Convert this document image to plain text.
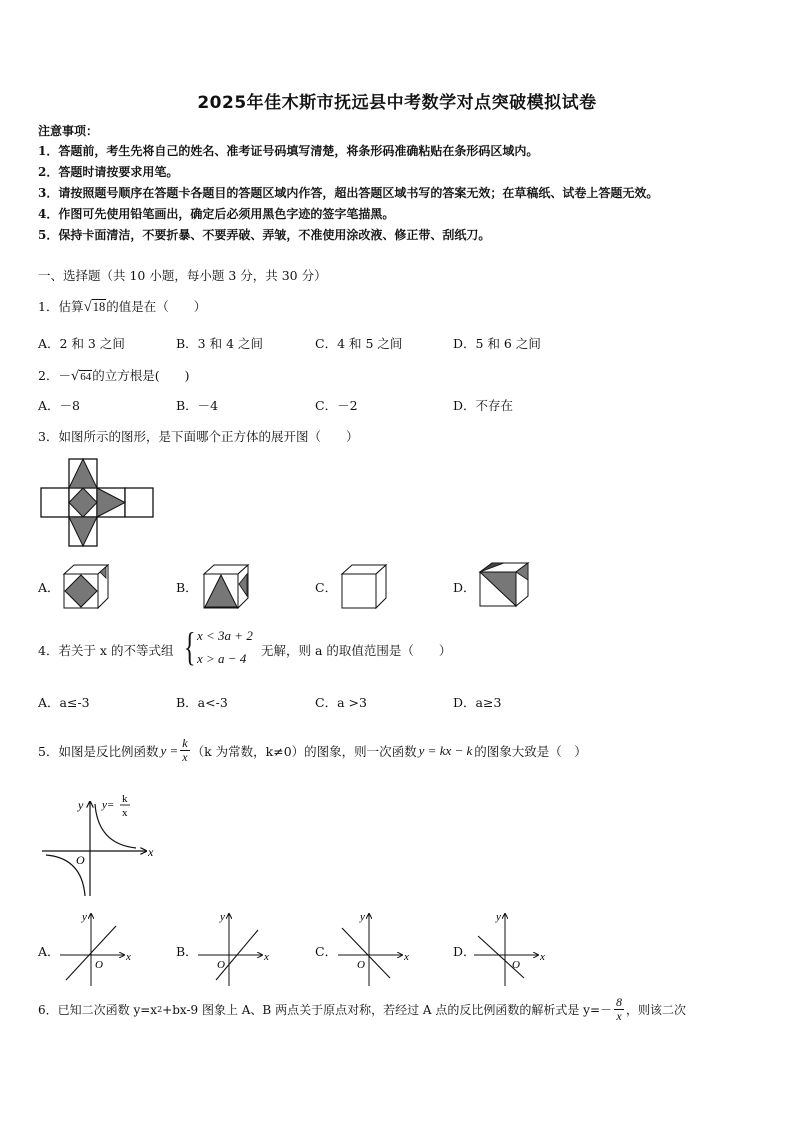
2025年佳木斯市抚远县中考数学对点突破模拟试卷
注意事项：
1．答题前，考生先将自己的姓名、准考证号码填写清楚，将条形码准确粘贴在条形码区域内。
2．答题时请按要求用笔。
3．请按照题号顺序在答题卡各题目的答题区域内作答，超出答题区域书写的答案无效；在草稿纸、试卷上答题无效。
4．作图可先使用铅笔画出，确定后必须用黑色字迹的签字笔描黑。
5．保持卡面清洁，不要折暴、不要弄破、弄皱，不准使用涂改液、修正带、刮纸刀。
一、选择题（共 10 小题，每小题 3 分，共 30 分）
1．估算√18的值是在（　　）
A．2 和 3 之间	B．3 和 4 之间	C．4 和 5 之间	D．5 和 6 之间
2．－√64的立方根是(　　)
A．－8	B．－4	C．－2	D．不存在
3．如图所示的图形，是下面哪个正方体的展开图（　　）
A．	B．	C．	D．
4．若关于 x 的不等式组 { x < 3a + 2
x > a − 4
无解，则 a 的取值范围是（　　）
A．a≤-3	B．a<-3	C．a >3	D．a≥3
5．如图是反比例函数 $y = \frac{k}{x} (k$ 为常数，k≠0）的图象，则一次函数 y = kx − k 的图象大致是（　）
y
x
O
y= k
x
A．	B．	C．	D．
y
x
O
y
x
O
y
x
O
y
x
O
6．已知二次函数 y=x 2 +bx-9 图象上 A、B 两点关于原点对称，若经过 A 点的反比例函数的解析式是 $y=- \frac{8}{x}$ ，则该二次
